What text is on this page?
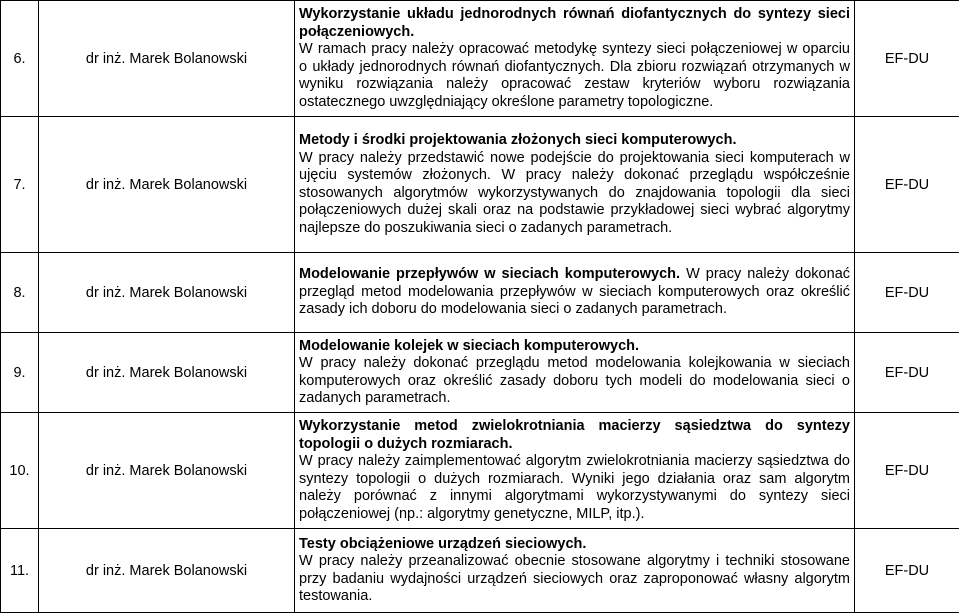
6.	dr inż. Marek Bolanowski	Wykorzystanie układu jednorodnych równań diofantycznych do syntezy sieci połączeniowych.
W ramach pracy należy opracować metodykę syntezy sieci połączeniowej w oparciu o układy jednorodnych równań diofantycznych. Dla zbioru rozwiązań otrzymanych w wyniku rozwiązania należy opracować zestaw kryteriów wyboru rozwiązania ostatecznego uwzględniający określone parametry topologiczne.	EF-DU
7.	dr inż. Marek Bolanowski	Metody i środki projektowania złożonych sieci komputerowych.
W pracy należy przedstawić nowe podejście do projektowania sieci komputerach w ujęciu systemów złożonych. W pracy należy dokonać przeglądu współcześnie stosowanych algorytmów wykorzystywanych do znajdowania topologii dla sieci połączeniowych dużej skali oraz na podstawie przykładowej sieci wybrać algorytmy najlepsze do poszukiwania sieci o zadanych parametrach.	EF-DU
8.	dr inż. Marek Bolanowski	Modelowanie przepływów w sieciach komputerowych. W pracy należy dokonać przegląd metod modelowania przepływów w sieciach komputerowych oraz określić zasady ich doboru do modelowania sieci o zadanych parametrach.	EF-DU
9.	dr inż. Marek Bolanowski	Modelowanie kolejek w sieciach komputerowych.
W pracy należy dokonać przeglądu metod modelowania kolejkowania w sieciach komputerowych oraz określić zasady doboru tych modeli do modelowania sieci o zadanych parametrach.	EF-DU
10.	dr inż. Marek Bolanowski	Wykorzystanie metod zwielokrotniania macierzy sąsiedztwa do syntezy topologii o dużych rozmiarach.
W pracy należy zaimplementować algorytm zwielokrotniania macierzy sąsiedztwa do syntezy topologii o dużych rozmiarach. Wyniki jego działania oraz sam algorytm należy porównać z innymi algorytmami wykorzystywanymi do syntezy sieci połączeniowej (np.: algorytmy genetyczne, MILP, itp.).	EF-DU
11.	dr inż. Marek Bolanowski	Testy obciążeniowe urządzeń sieciowych.
W pracy należy przeanalizować obecnie stosowane algorytmy i techniki stosowane przy badaniu wydajności urządzeń sieciowych oraz zaproponować własny algorytm testowania.	EF-DU
